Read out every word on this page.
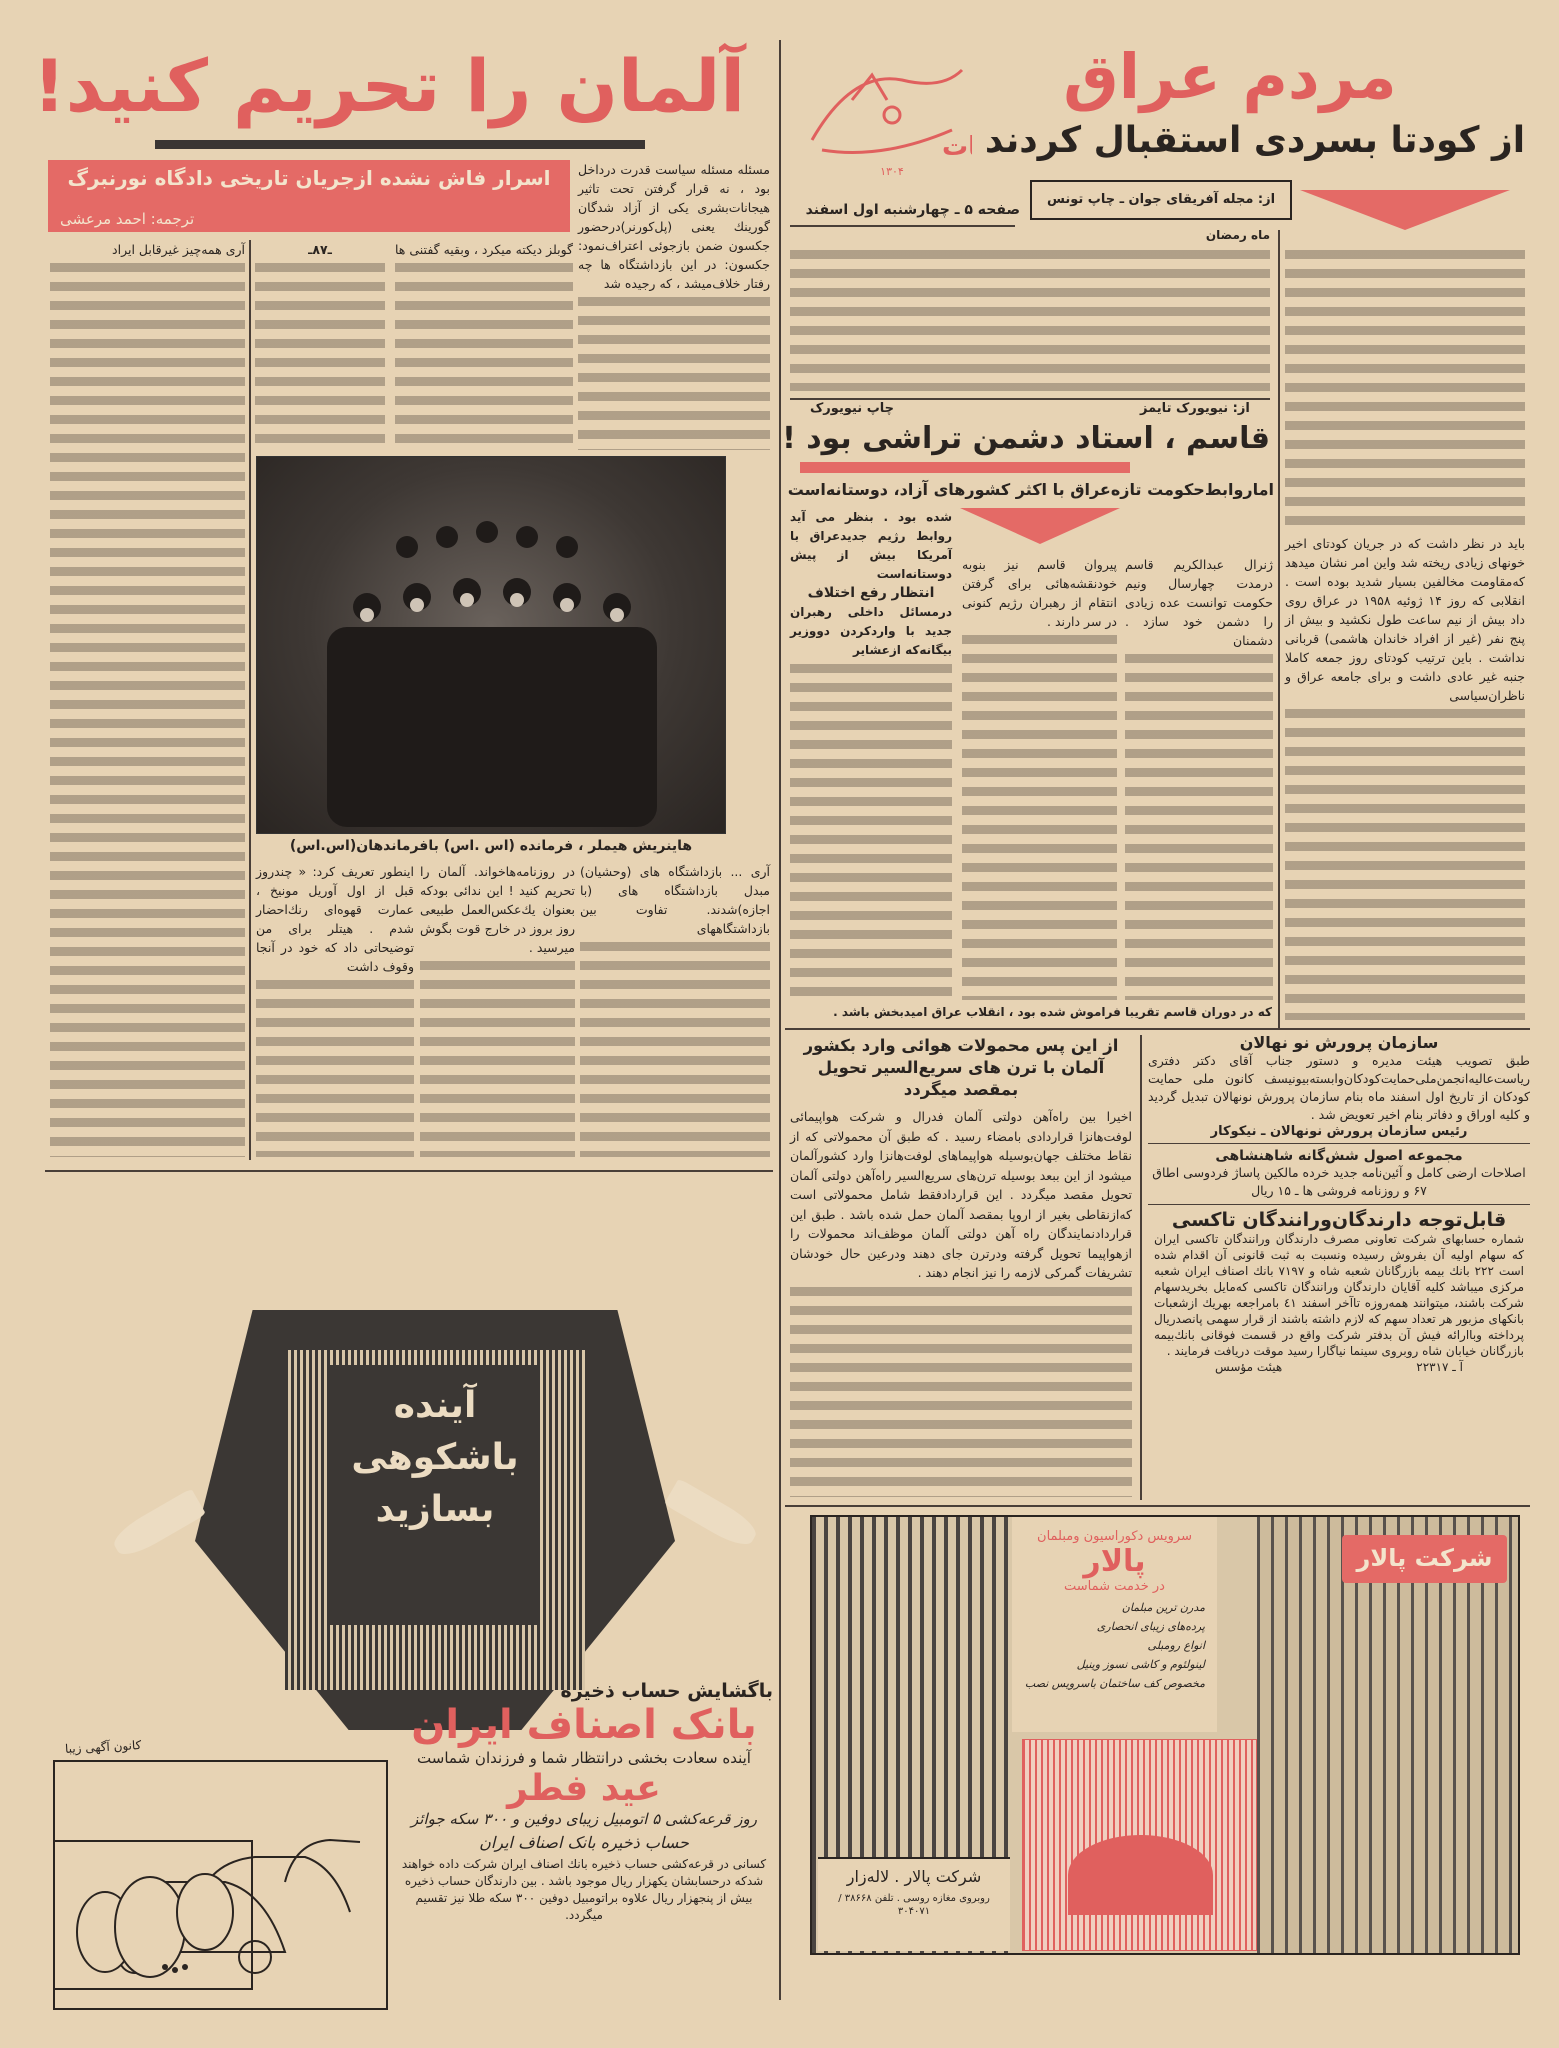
آلمان را تحریم کنید!
اسرار فاش نشده ازجریان تاریخی دادگاه نورنبرگ
ترجمه: احمد مرعشی
مسئله مسئله سیاست قدرت درداخل بود ، نه قرار گرفتن تحت تاثیر هیجانات‌بشری یکی از آزاد شدگان گورینك یعنی (پل‌کورنر)درحضور جکسون ضمن بازجوئی اعتراف‌نمود: جکسون: در این بازداشتگاه ها چه رفتار خلاف‌میشد ، که رجیده شد
گوبلز دیکته میکرد ، وبقیه گفتنی ها
ـ۸۷ـ
آری همه‌چیز غیرقابل ایراد
هاینریش هیملر ، فرمانده (اس .اس) بافرماندهان(اس.اس)
آری ... بازداشتگاه های (وحشیان) مبدل بازداشتگاه های (با اجازه)شدند. تفاوت بین بازداشتگاههای
در روزنامه‌هاخواند. آلمان را تحریم کنید ! این ندائی بودکه بعنوان یك‌عکس‌العمل طبیعی روز بروز در خارج قوت بگوش میرسید .
اینطور تعریف کرد: « چندروز قبل از اول آوریل مونیخ ، عمارت قهوه‌ای رنك‌احضار شدم . هیتلر برای من توضیحاتی داد که خود در آنجا وقوف داشت
آینده
باشکوهی
بسازید
کانون آگهی زیبا
باگشایش حساب ذخیره
بانک اصناف ایران
آینده سعادت بخشی درانتظار شما و فرزندان شماست
عید فطر
روز قرعه‌کشی ۵ اتومبیل زیبای دوفین و ۳۰۰ سکه جوائز
حساب ذخیره بانک اصناف ایران
کسانی در قرعه‌کشی حساب ذخیره بانك اصناف ایران شرکت داده خواهند شدکه درحسابشان یکهزار ریال موجود باشد . بین دارندگان حساب ذخیره بیش از پنجهزار ریال علاوه براتومبیل دوفین ۳۰۰ سکه طلا نیز تقسیم میگردد.
ت
۱۳۰۴
مردم عراق
از کودتا بسردی استقبال کردند
از: مجله آفریقای جوان ـ چاپ تونس
صفحه ۵ ـ چهارشنبه اول اسفند
ماه رمضان
باید در نظر داشت که در جریان کودتای اخیر خونهای زیادی ریخته شد واین امر نشان میدهد که‌مقاومت مخالفین بسیار شدید بوده است . انقلابی که روز ۱۴ ژوئیه ۱۹۵۸ در عراق روی داد بیش از نیم ساعت طول نکشید و بیش از پنج نفر (غیر از افراد خاندان هاشمی) قربانی نداشت . باین ترتیب کودتای روز جمعه کاملا جنبه غیر عادی داشت و برای جامعه عراق و ناظران‌سیاسی
از: نیویورک تایمز
چاپ نیویورک
قاسم ، استاد دشمن تراشی بود !
اماروابط‌حکومت تازه‌عراق با اکثر کشورهای آزاد، دوستانه‌است
ژنرال عبدالکریم قاسم درمدت چهارسال ونیم حکومت توانست عده زیادی را دشمن خود سازد . دشمنان
پیروان قاسم نیز بنوبه خودنقشه‌هائی برای گرفتن انتقام از رهبران رژیم کنونی در سر دارند .
شده بود . بنظر می آید روابط رژیم جدیدعراق با آمریکا بیش از پیش دوستانه‌است
انتظار رفع اختلاف
درمسائل داخلی رهبران جدید با واردکردن دووزیر بیگانه‌که ازعشایر
که در دوران قاسم تقریبا فراموش شده بود ، انقلاب عراق امیدبخش باشد .
از این پس محمولات هوائی وارد بکشور آلمان با ترن های سریع‌السیر تحویل بمقصد میگردد
اخیرا بین راه‌آهن دولتی آلمان فدرال و شرکت هواپیمائی لوفت‌هانزا قراردادی بامضاء رسید . که طبق آن محمولاتی که از نقاط مختلف جهان‌بوسیله هواپیماهای لوفت‌هانزا وارد کشورآلمان میشود از این ببعد بوسیله ترن‌های سریع‌السیر راه‌آهن دولتی آلمان تحویل مقصد میگردد . این قراردادفقط شامل محمولاتی است که‌ازنقاطی بغیر از اروپا بمقصد آلمان حمل شده باشد . طبق این قراردادنمایندگان راه آهن دولتی آلمان موظف‌اند محمولات را ازهواپیما تحویل گرفته ودرترن جای دهند ودرعین حال خودشان تشریفات گمرکی لازمه را نیز انجام دهند .
سازمان پرورش نو نهالان
طبق تصویب هیئت مدیره و دستور جناب آقای دکتر دفتری ریاست‌عالیه‌انجمن‌ملی‌حمایت‌کودکان‌وابسته‌بیونیسف کانون ملی حمایت کودکان از تاریخ اول اسفند ماه بنام سازمان پرورش نونهالان تبدیل گردید و کلیه اوراق و دفاتر بنام اخیر تعویض شد .
رئیس سازمان پرورش نونهالان ـ نیکوکار
مجموعه اصول شش‌گانه شاهنشاهی
اصلاحات ارضی کامل و آئین‌نامه جدید خرده مالکین پاساژ فردوسی اطاق ۶۷ و روزنامه فروشی ها ـ ۱۵ ریال
قابل‌توجه دارندگان‌ورانندگان تاکسی
شماره حسابهای شرکت تعاونی مصرف دارندگان ورانندگان تاکسی ایران که سهام اولیه آن بفروش رسیده ونسبت به ثبت قانونی آن اقدام شده است ۲۲۲ بانك بیمه بازرگانان شعبه شاه و ۷۱۹۷ بانك اصناف ایران شعبه مرکزی میباشد کلیه آقایان دارندگان ورانندگان تاکسی که‌مایل بخریدسهام شرکت باشند، میتوانند همه‌روزه تاآخر اسفند ٤١ بامراجعه بهریك ازشعبات بانکهای مزبور هر تعداد سهم که لازم داشته باشند از قرار سهمی پانصدریال پرداخته وباارائه فیش آن بدفتر شرکت واقع در قسمت فوقانی بانك‌بیمه بازرگانان خیابان شاه روبروی سینما نیاگارا رسید موقت دریافت فرمایند .
آ ـ ۲۲۳۱۷
هیئت مؤسس
شرکت پالار . لاله‌زار
روبروی مغازه روسی . تلفن ۳۸۶۶۸ / ۳۰۴۰۷۱
سرویس دکوراسیون ومبلمان
پالار
در خدمت شماست
مدرن ترین مبلمان
پرده‌های زیبای انحصاری
انواع رومبلی
لینولئوم و کاشی نسوز وینیل
مخصوص کف ساختمان باسرویس نصب
شرکت پالار
